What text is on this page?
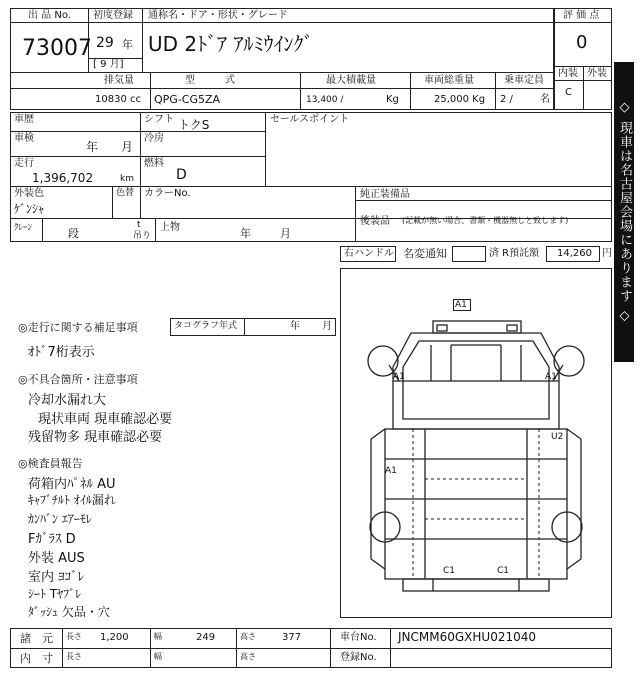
出 品 No.
73007
初度登録
29 年
[ 9 月]
通称名・ドア・形状・グレード
UD 2ﾄﾞｱ ｱﾙﾐｳｲﾝｸﾞ
評 価 点
0
内装 外装
C
排気量
10830 cc
型　　　式
QPG-CG5ZA
最大積載量
13,400 /	Kg
車両総重量
25,000 Kg
乗車定員
2 /	名
◇ 現車は名古屋会場にあります ◇
車歴	シフト トクS	セールスポイント
車検
年 月
冷房
走行
1,396,702	km
燃料
D
外装色
ｹﾞﾝｼｬ
色替 カラーNo.	純正装備品
後装品 (記載が無い場合、書類・機器無しと致します)
ｸﾚｰﾝ	段
t
吊り
上物	年	月
右ハンドル 名変通知	済 R預託額 14,260 円
◎走行に関する補足事項	タコグラフ年式	年 月
ｵﾄﾞ7桁表示
◎不具合箇所・注意事項
冷却水漏れ大
現状車両 現車確認必要
残留物多 現車確認必要
◎検査員報告
荷箱内ﾊﾟﾈﾙ AU
ｷｬﾌﾞﾁﾙﾄ ｵｲﾙ漏れ
ｶﾝﾊﾞﾝ ｴｱｰﾓﾚ
Fｶﾞﾗｽ D
外装 AUS
室内 ﾖｺﾞﾚ
ｼｰﾄ Tﾔﾌﾞﾚ
ﾀﾞｯｼｭ 欠品・穴
A1
A1	A1
A1
U2
C1	C1
諸　元 長さ 1,200	幅	249	高さ	377	車台No. JNCMM60GXHU021040
内　寸 長さ	幅	高さ	登録No.
